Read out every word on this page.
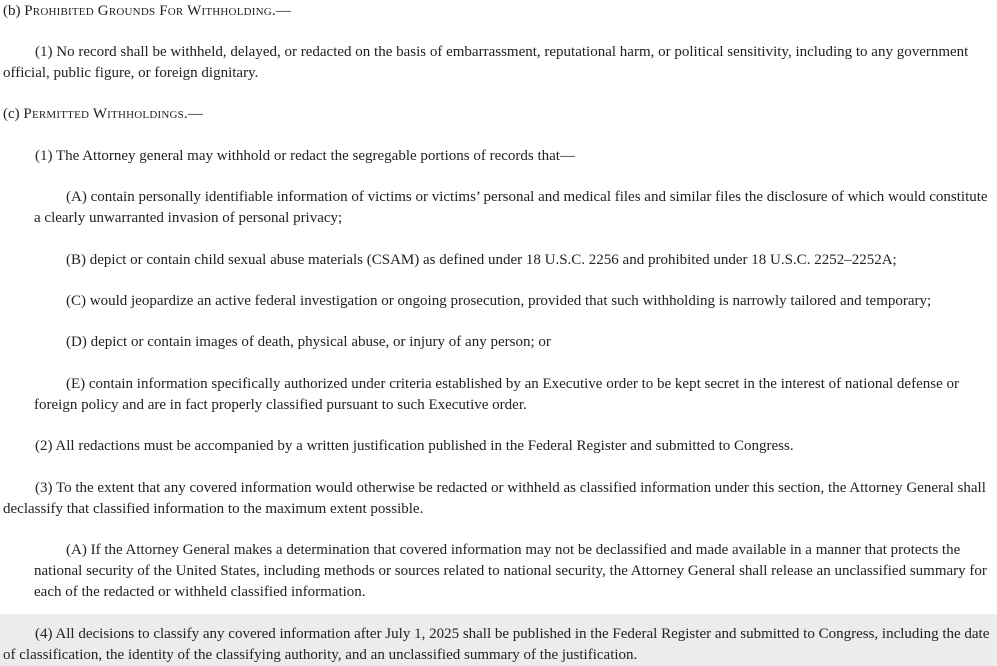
(b) Prohibited Grounds For Withholding.—

(1) No record shall be withheld, delayed, or redacted on the basis of embarrassment, reputational harm, or political sensitivity, including to any government official, public figure, or foreign dignitary.

(c) Permitted Withholdings.—

(1) The Attorney general may withhold or redact the segregable portions of records that—

(A) contain personally identifiable information of victims or victims’ personal and medical files and similar files the disclosure of which would constitute a clearly unwarranted invasion of personal privacy;

(B) depict or contain child sexual abuse materials (CSAM) as defined under 18 U.S.C. 2256 and prohibited under 18 U.S.C. 2252–2252A;

(C) would jeopardize an active federal investigation or ongoing prosecution, provided that such withholding is narrowly tailored and temporary;

(D) depict or contain images of death, physical abuse, or injury of any person; or

(E) contain information specifically authorized under criteria established by an Executive order to be kept secret in the interest of national defense or foreign policy and are in fact properly classified pursuant to such Executive order.

(2) All redactions must be accompanied by a written justification published in the Federal Register and submitted to Congress.

(3) To the extent that any covered information would otherwise be redacted or withheld as classified information under this section, the Attorney General shall declassify that classified information to the maximum extent possible.

(A) If the Attorney General makes a determination that covered information may not be declassified and made available in a manner that protects the national security of the United States, including methods or sources related to national security, the Attorney General shall release an unclassified summary for each of the redacted or withheld classified information.

(4) All decisions to classify any covered information after July 1, 2025 shall be published in the Federal Register and submitted to Congress, including the date of classification, the identity of the classifying authority, and an unclassified summary of the justification.
